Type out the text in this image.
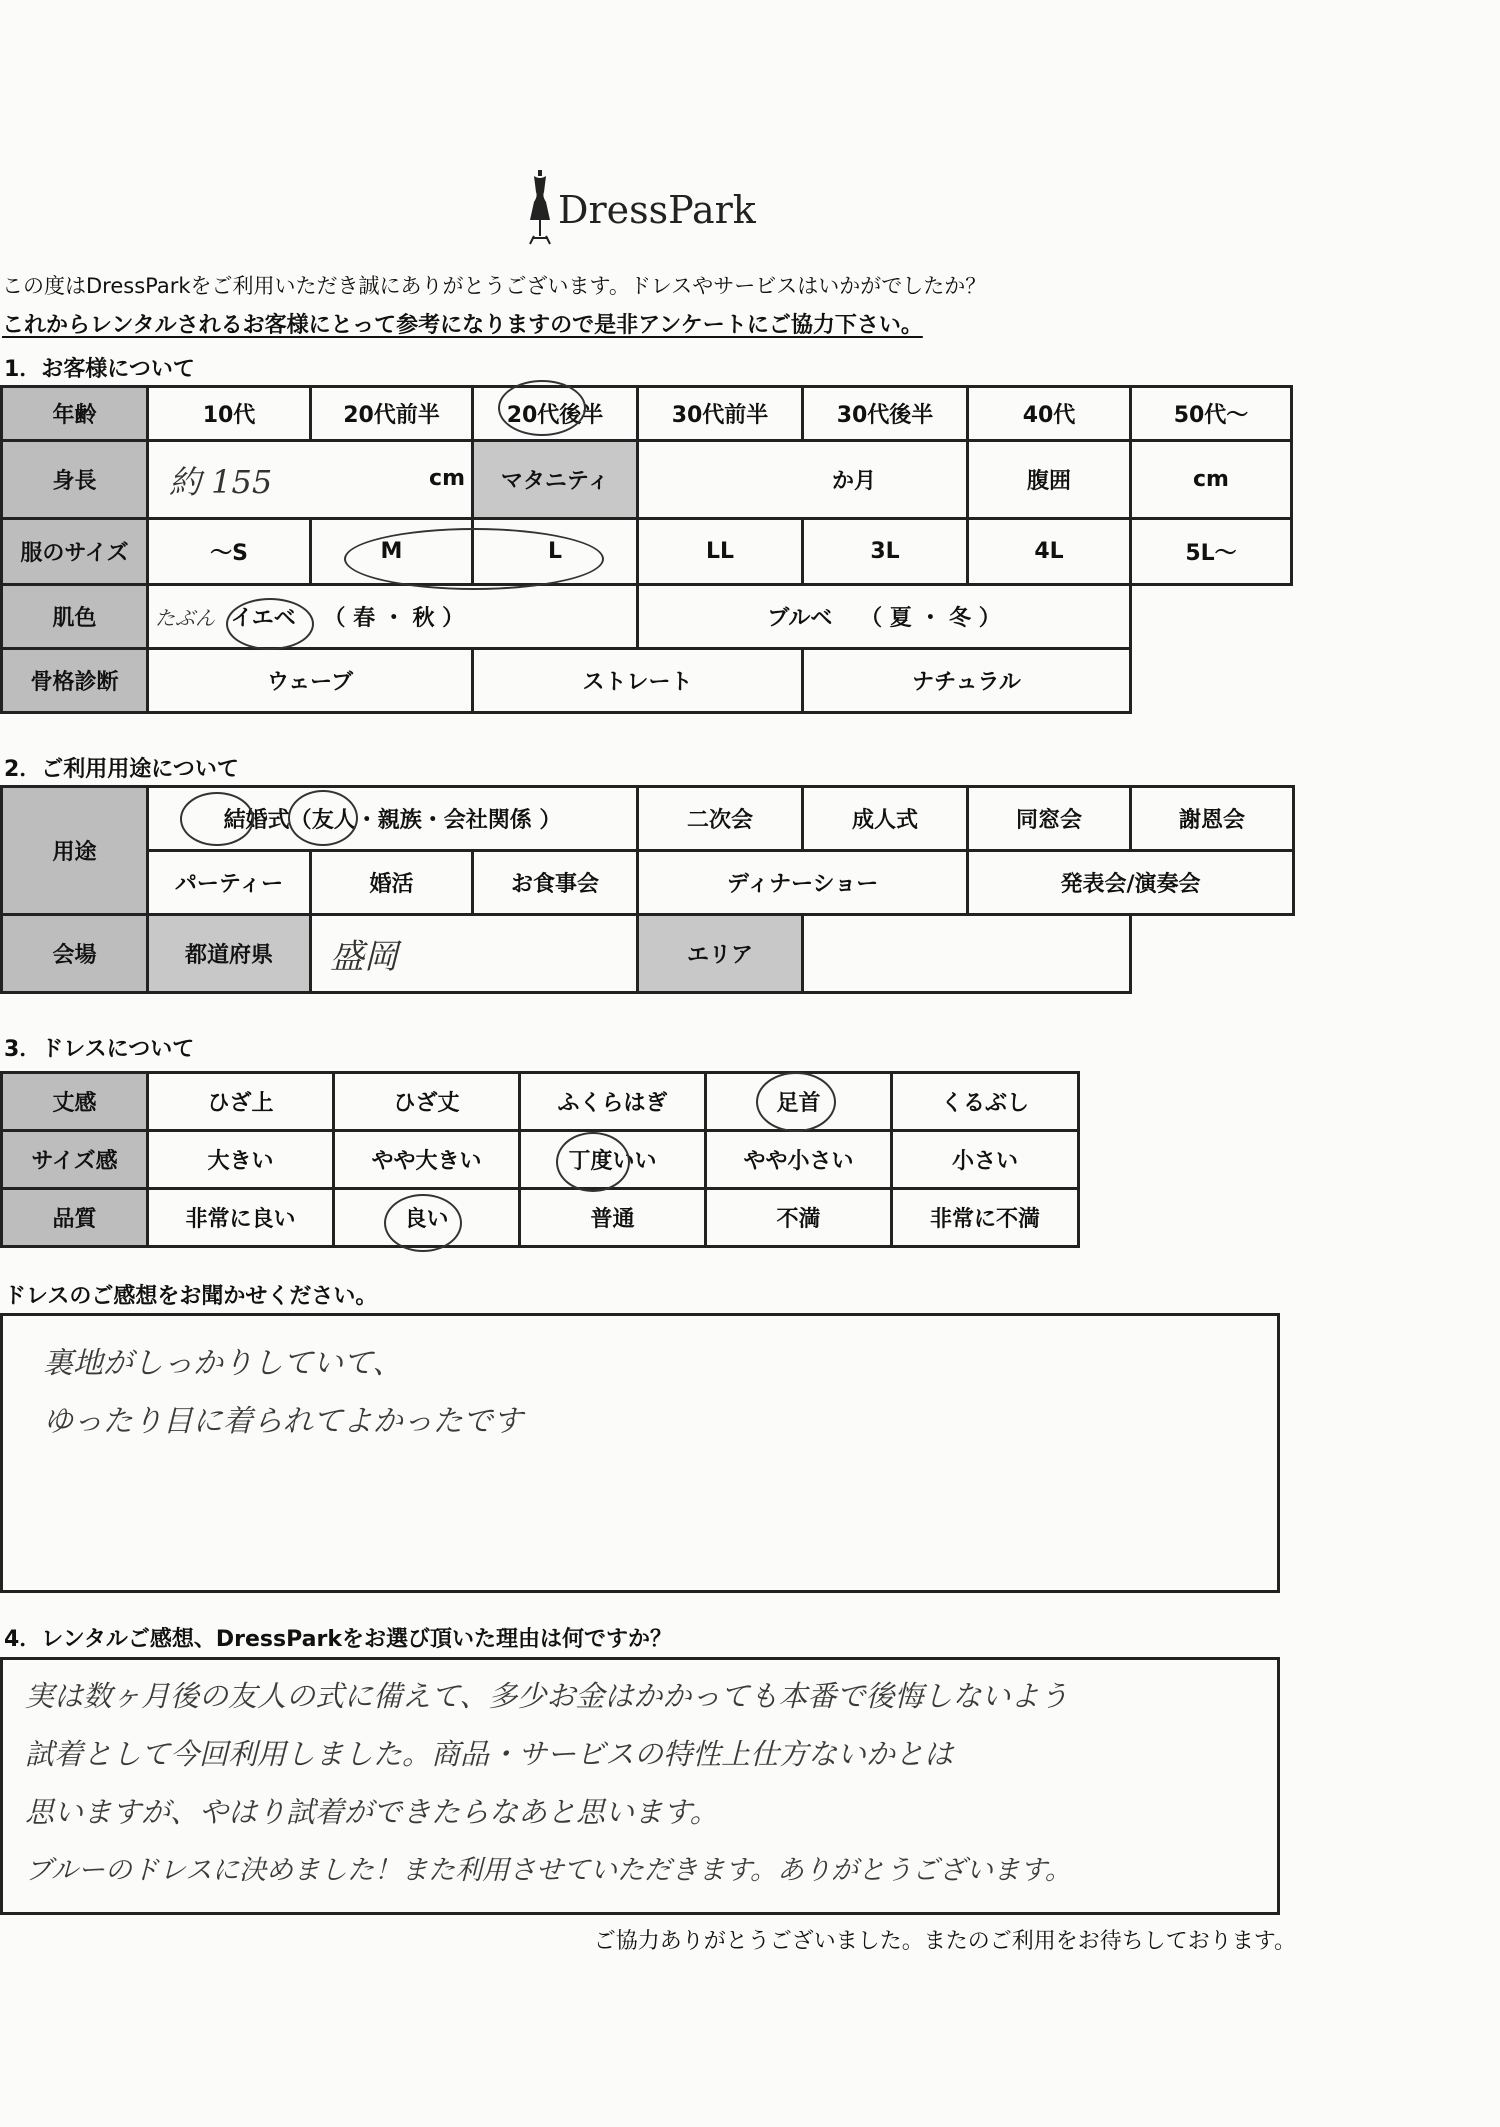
DressPark
この度はDressParkをご利用いただき誠にありがとうございます。ドレスやサービスはいかがでしたか？
これからレンタルされるお客様にとって参考になりますので是非アンケートにご協力下さい。
1．お客様について
年齢	10代	20代前半	20代後半	30代前半	30代後半	40代	50代〜
身長	約 155 cm		マタニティ	か月		腹囲	cm
服のサイズ	〜S	M	L	LL	3L	4L	5L〜
肌色	たぶん イエベ （ 春 ・ 秋 ）			ブルベ （ 夏 ・ 冬 ）			
骨格診断	ウェーブ		ストレート		ナチュラル		
2．ご利用用途について
用途	結婚式（友人・親族・会社関係 ）			二次会	成人式	同窓会	謝恩会
	パーティー	婚活	お食事会	ディナーショー		発表会/演奏会	
会場	都道府県	盛岡		エリア			
3．ドレスについて
丈感	ひざ上	ひざ丈	ふくらはぎ	足首	くるぶし
サイズ感	大きい	やや大きい	丁度いい	やや小さい	小さい
品質	非常に良い	良い	普通	不満	非常に不満
ドレスのご感想をお聞かせください。
裏地がしっかりしていて、
ゆったり目に着られてよかったです
4．レンタルご感想、DressParkをお選び頂いた理由は何ですか？
実は数ヶ月後の友人の式に備えて、多少お金はかかっても本番で後悔しないよう
試着として今回利用しました。商品・サービスの特性上仕方ないかとは
思いますが、やはり試着ができたらなあと思います。
ブルーのドレスに決めました！また利用させていただきます。ありがとうございます。
ご協力ありがとうございました。またのご利用をお待ちしております。
